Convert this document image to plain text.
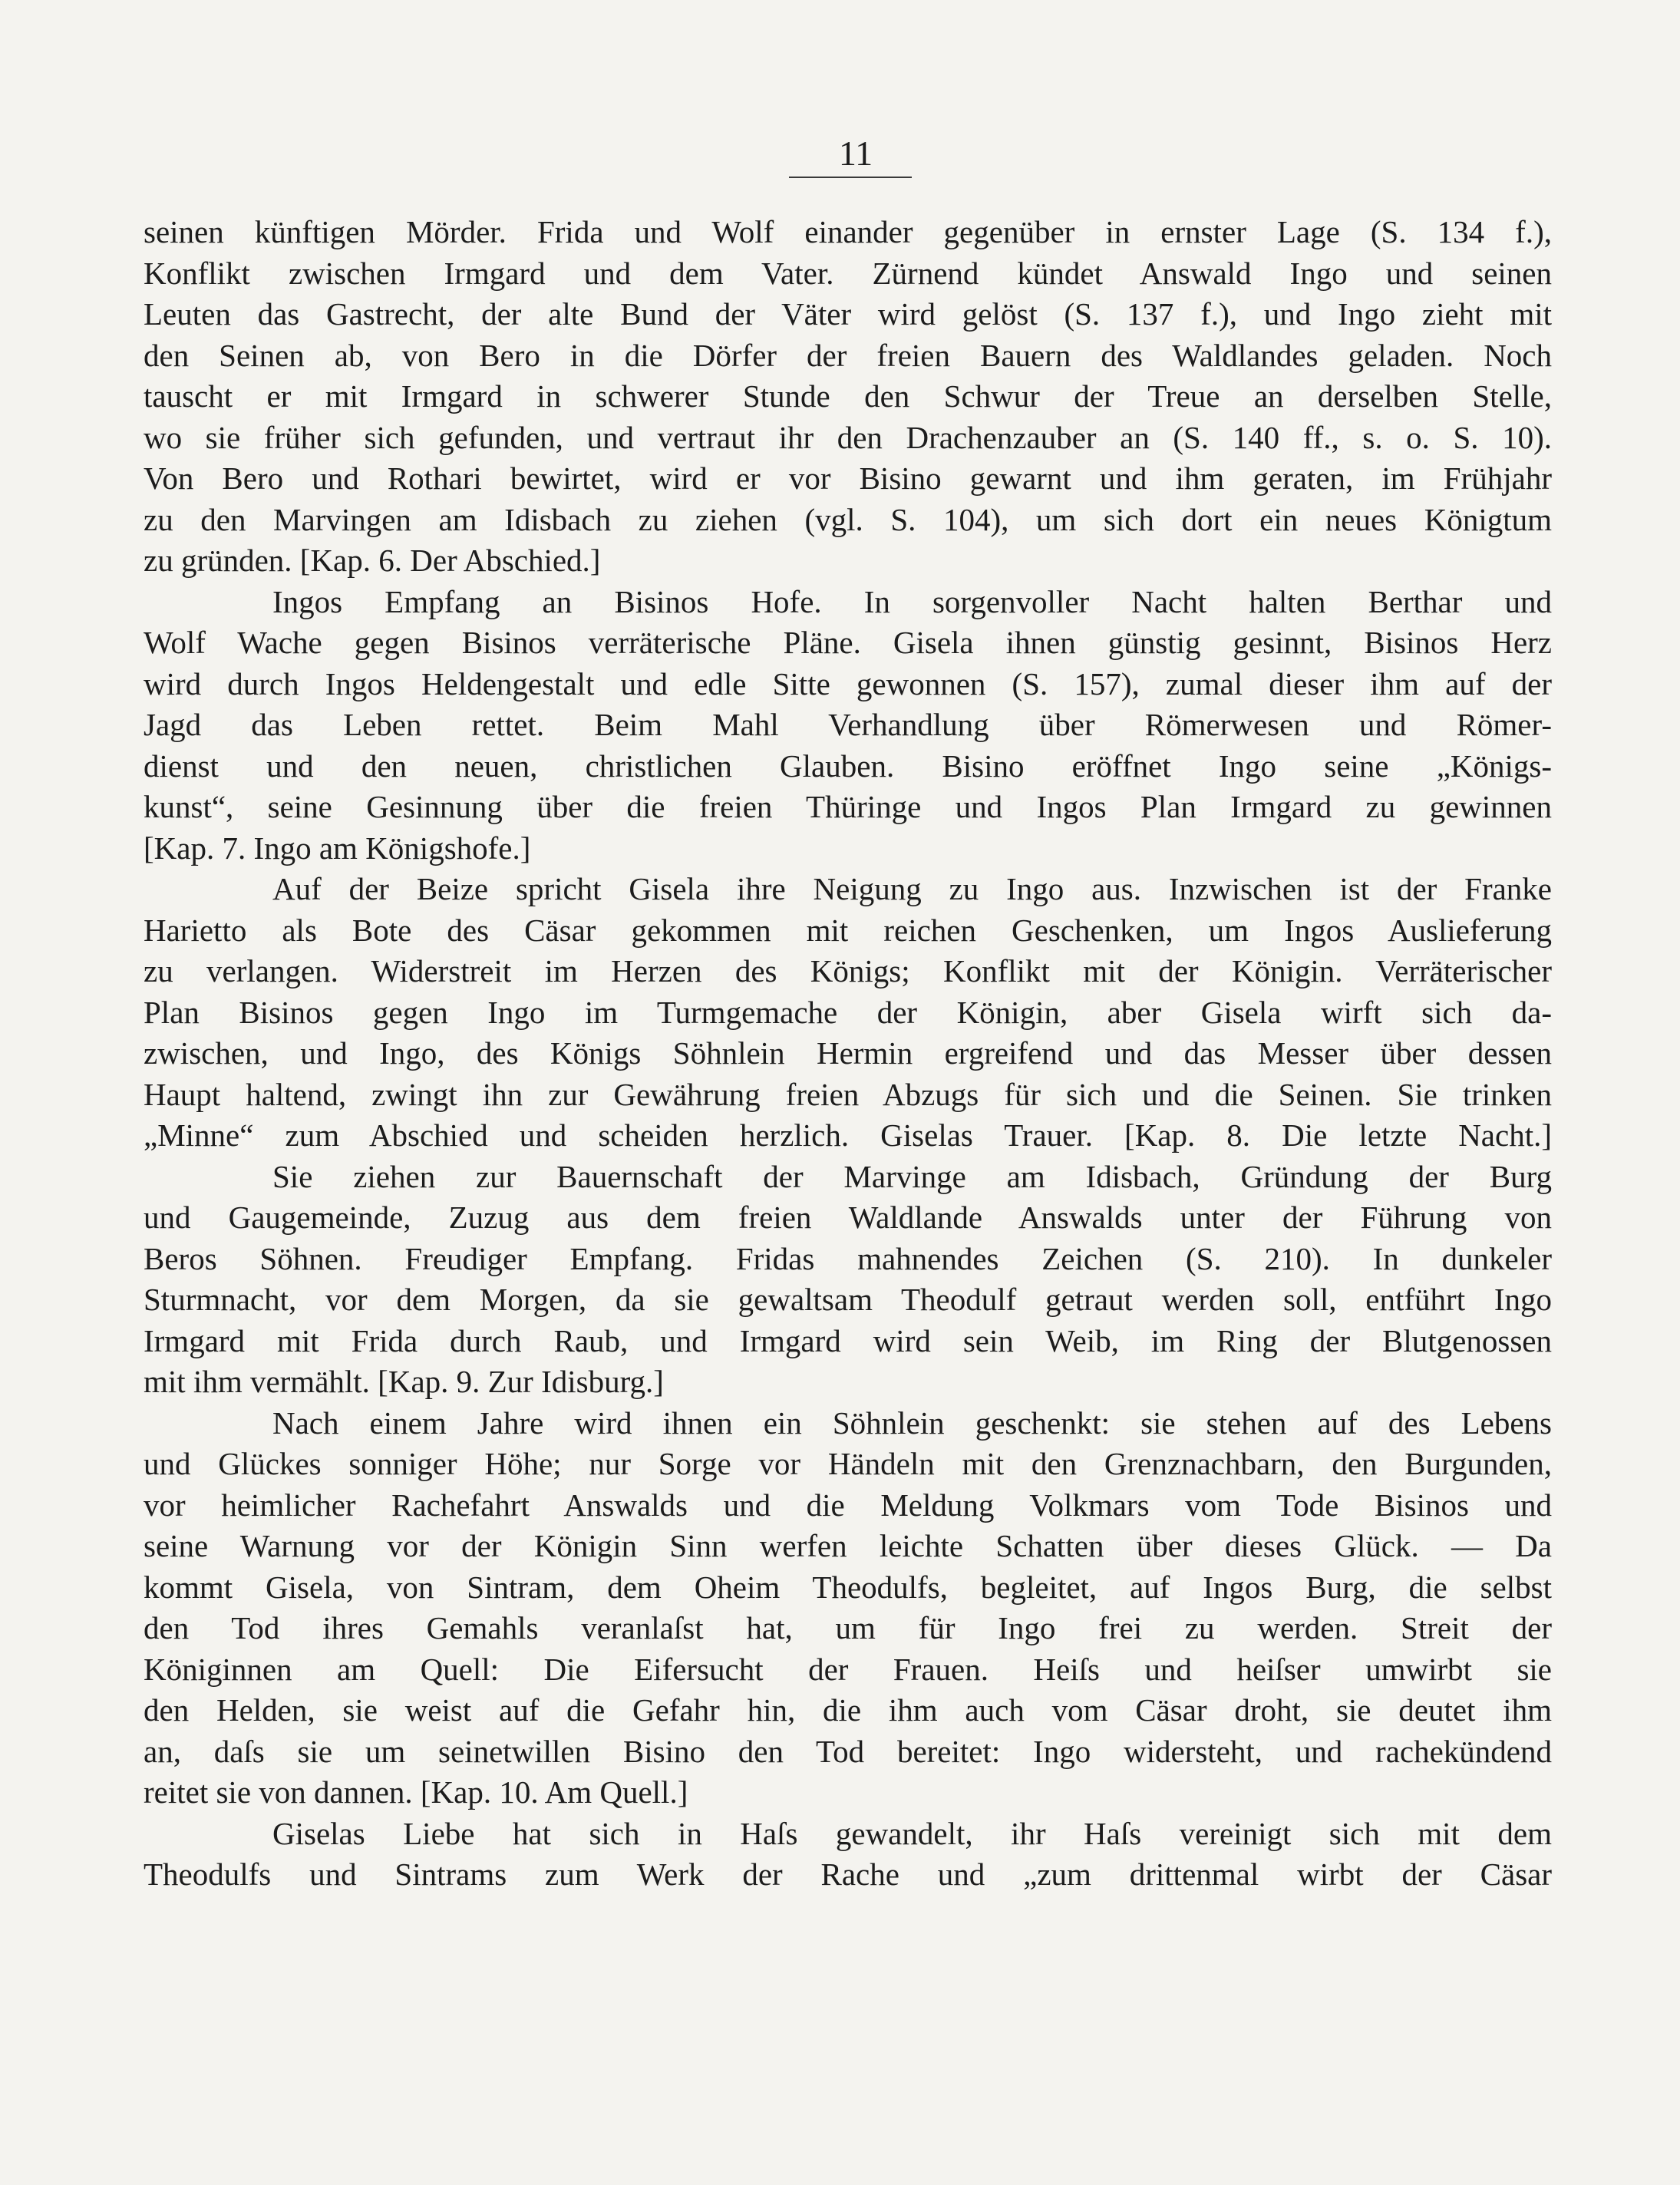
11
seinen künftigen Mörder. Frida und Wolf einander gegenüber in ernster Lage (S. 134 f.),
Konflikt zwischen Irmgard und dem Vater. Zürnend kündet Answald Ingo und seinen
Leuten das Gastrecht, der alte Bund der Väter wird gelöst (S. 137 f.), und Ingo zieht mit
den Seinen ab, von Bero in die Dörfer der freien Bauern des Waldlandes geladen. Noch
tauscht er mit Irmgard in schwerer Stunde den Schwur der Treue an derselben Stelle,
wo sie früher sich gefunden, und vertraut ihr den Drachenzauber an (S. 140 ff., s. o. S. 10).
Von Bero und Rothari bewirtet, wird er vor Bisino gewarnt und ihm geraten, im Frühjahr
zu den Marvingen am Idisbach zu ziehen (vgl. S. 104), um sich dort ein neues Königtum
zu gründen. [Kap. 6. Der Abschied.]
Ingos Empfang an Bisinos Hofe. In sorgenvoller Nacht halten Berthar und
Wolf Wache gegen Bisinos verräterische Pläne. Gisela ihnen günstig gesinnt, Bisinos Herz
wird durch Ingos Heldengestalt und edle Sitte gewonnen (S. 157), zumal dieser ihm auf der
Jagd das Leben rettet. Beim Mahl Verhandlung über Römerwesen und Römer-
dienst und den neuen, christlichen Glauben. Bisino eröffnet Ingo seine „Königs-
kunst“, seine Gesinnung über die freien Thüringe und Ingos Plan Irmgard zu gewinnen
[Kap. 7. Ingo am Königshofe.]
Auf der Beize spricht Gisela ihre Neigung zu Ingo aus. Inzwischen ist der Franke
Harietto als Bote des Cäsar gekommen mit reichen Geschenken, um Ingos Auslieferung
zu verlangen. Widerstreit im Herzen des Königs; Konflikt mit der Königin. Verräterischer
Plan Bisinos gegen Ingo im Turmgemache der Königin, aber Gisela wirft sich da-
zwischen, und Ingo, des Königs Söhnlein Hermin ergreifend und das Messer über dessen
Haupt haltend, zwingt ihn zur Gewährung freien Abzugs für sich und die Seinen. Sie trinken
„Minne“ zum Abschied und scheiden herzlich. Giselas Trauer. [Kap. 8. Die letzte Nacht.]
Sie ziehen zur Bauernschaft der Marvinge am Idisbach, Gründung der Burg
und Gaugemeinde, Zuzug aus dem freien Waldlande Answalds unter der Führung von
Beros Söhnen. Freudiger Empfang. Fridas mahnendes Zeichen (S. 210). In dunkeler
Sturmnacht, vor dem Morgen, da sie gewaltsam Theodulf getraut werden soll, entführt Ingo
Irmgard mit Frida durch Raub, und Irmgard wird sein Weib, im Ring der Blutgenossen
mit ihm vermählt. [Kap. 9. Zur Idisburg.]
Nach einem Jahre wird ihnen ein Söhnlein geschenkt: sie stehen auf des Lebens
und Glückes sonniger Höhe; nur Sorge vor Händeln mit den Grenznachbarn, den Burgunden,
vor heimlicher Rachefahrt Answalds und die Meldung Volkmars vom Tode Bisinos und
seine Warnung vor der Königin Sinn werfen leichte Schatten über dieses Glück. — Da
kommt Gisela, von Sintram, dem Oheim Theodulfs, begleitet, auf Ingos Burg, die selbst
den Tod ihres Gemahls veranlaſst hat, um für Ingo frei zu werden. Streit der
Königinnen am Quell: Die Eifersucht der Frauen. Heiſs und heiſser umwirbt sie
den Helden, sie weist auf die Gefahr hin, die ihm auch vom Cäsar droht, sie deutet ihm
an, daſs sie um seinetwillen Bisino den Tod bereitet: Ingo widersteht, und rachekündend
reitet sie von dannen. [Kap. 10. Am Quell.]
Giselas Liebe hat sich in Haſs gewandelt, ihr Haſs vereinigt sich mit dem
Theodulfs und Sintrams zum Werk der Rache und „zum drittenmal wirbt der Cäsar
